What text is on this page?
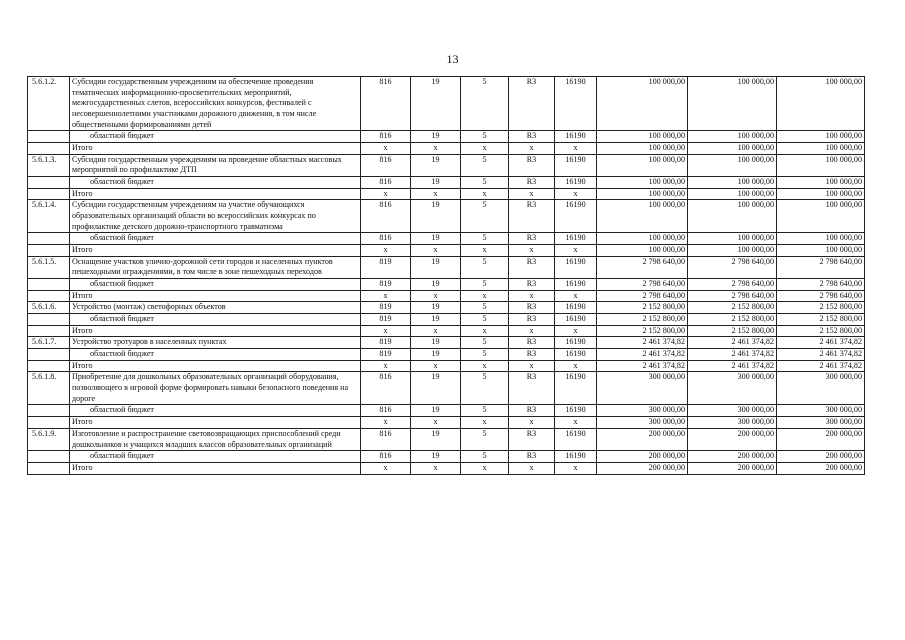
13
5.6.1.2.	Субсидии государственным учреждениям на обеспечение проведения тематических информационно-просветительских мероприятий, межгосударственных слетов, всероссийских конкурсов, фестивалей с несовершеннолетними участниками дорожного движения, в том числе общественными формированиями детей	816	19	5	R3	16190	100 000,00	100 000,00	100 000,00
	областной бюджет	816	19	5	R3	16190	100 000,00	100 000,00	100 000,00
	Итого	x	x	x	x	x	100 000,00	100 000,00	100 000,00
5.6.1.3.	Субсидии государственным учреждениям на проведение областных массовых мероприятий по профилактике ДТП	816	19	5	R3	16190	100 000,00	100 000,00	100 000,00
	областной бюджет	816	19	5	R3	16190	100 000,00	100 000,00	100 000,00
	Итого	x	x	x	x	x	100 000,00	100 000,00	100 000,00
5.6.1.4.	Субсидии государственным учреждениям на участие обучающихся образовательных организаций области во всероссийских конкурсах по профилактике детского дорожно-транспортного травматизма	816	19	5	R3	16190	100 000,00	100 000,00	100 000,00
	областной бюджет	816	19	5	R3	16190	100 000,00	100 000,00	100 000,00
	Итого	x	x	x	x	x	100 000,00	100 000,00	100 000,00
5.6.1.5.	Оснащение участков улично-дорожной сети городов и населенных пунктов пешеходными ограждениями, в том числе в зоне пешеходных переходов	819	19	5	R3	16190	2 798 640,00	2 798 640,00	2 798 640,00
	областной бюджет	819	19	5	R3	16190	2 798 640,00	2 798 640,00	2 798 640,00
	Итого	x	x	x	x	x	2 798 640,00	2 798 640,00	2 798 640,00
5.6.1.6.	Устройство (монтаж) светофорных объектов	819	19	5	R3	16190	2 152 800,00	2 152 800,00	2 152 800,00
	областной бюджет	819	19	5	R3	16190	2 152 800,00	2 152 800,00	2 152 800,00
	Итого	x	x	x	x	x	2 152 800,00	2 152 800,00	2 152 800,00
5.6.1.7.	Устройство тротуаров в населенных пунктах	819	19	5	R3	16190	2 461 374,82	2 461 374,82	2 461 374,82
	областной бюджет	819	19	5	R3	16190	2 461 374,82	2 461 374,82	2 461 374,82
	Итого	x	x	x	x	x	2 461 374,82	2 461 374,82	2 461 374,82
5.6.1.8.	Приобретение для дошкольных образовательных организаций оборудования, позволяющего в игровой форме формировать навыки безопасного поведения на дороге	816	19	5	R3	16190	300 000,00	300 000,00	300 000,00
	областной бюджет	816	19	5	R3	16190	300 000,00	300 000,00	300 000,00
	Итого	x	x	x	x	x	300 000,00	300 000,00	300 000,00
5.6.1.9.	Изготовление и распространение световозвращающих приспособлений среди дошкольников и учащихся младших классов образовательных организаций	816	19	5	R3	16190	200 000,00	200 000,00	200 000,00
	областной бюджет	816	19	5	R3	16190	200 000,00	200 000,00	200 000,00
	Итого	x	x	x	x	x	200 000,00	200 000,00	200 000,00
